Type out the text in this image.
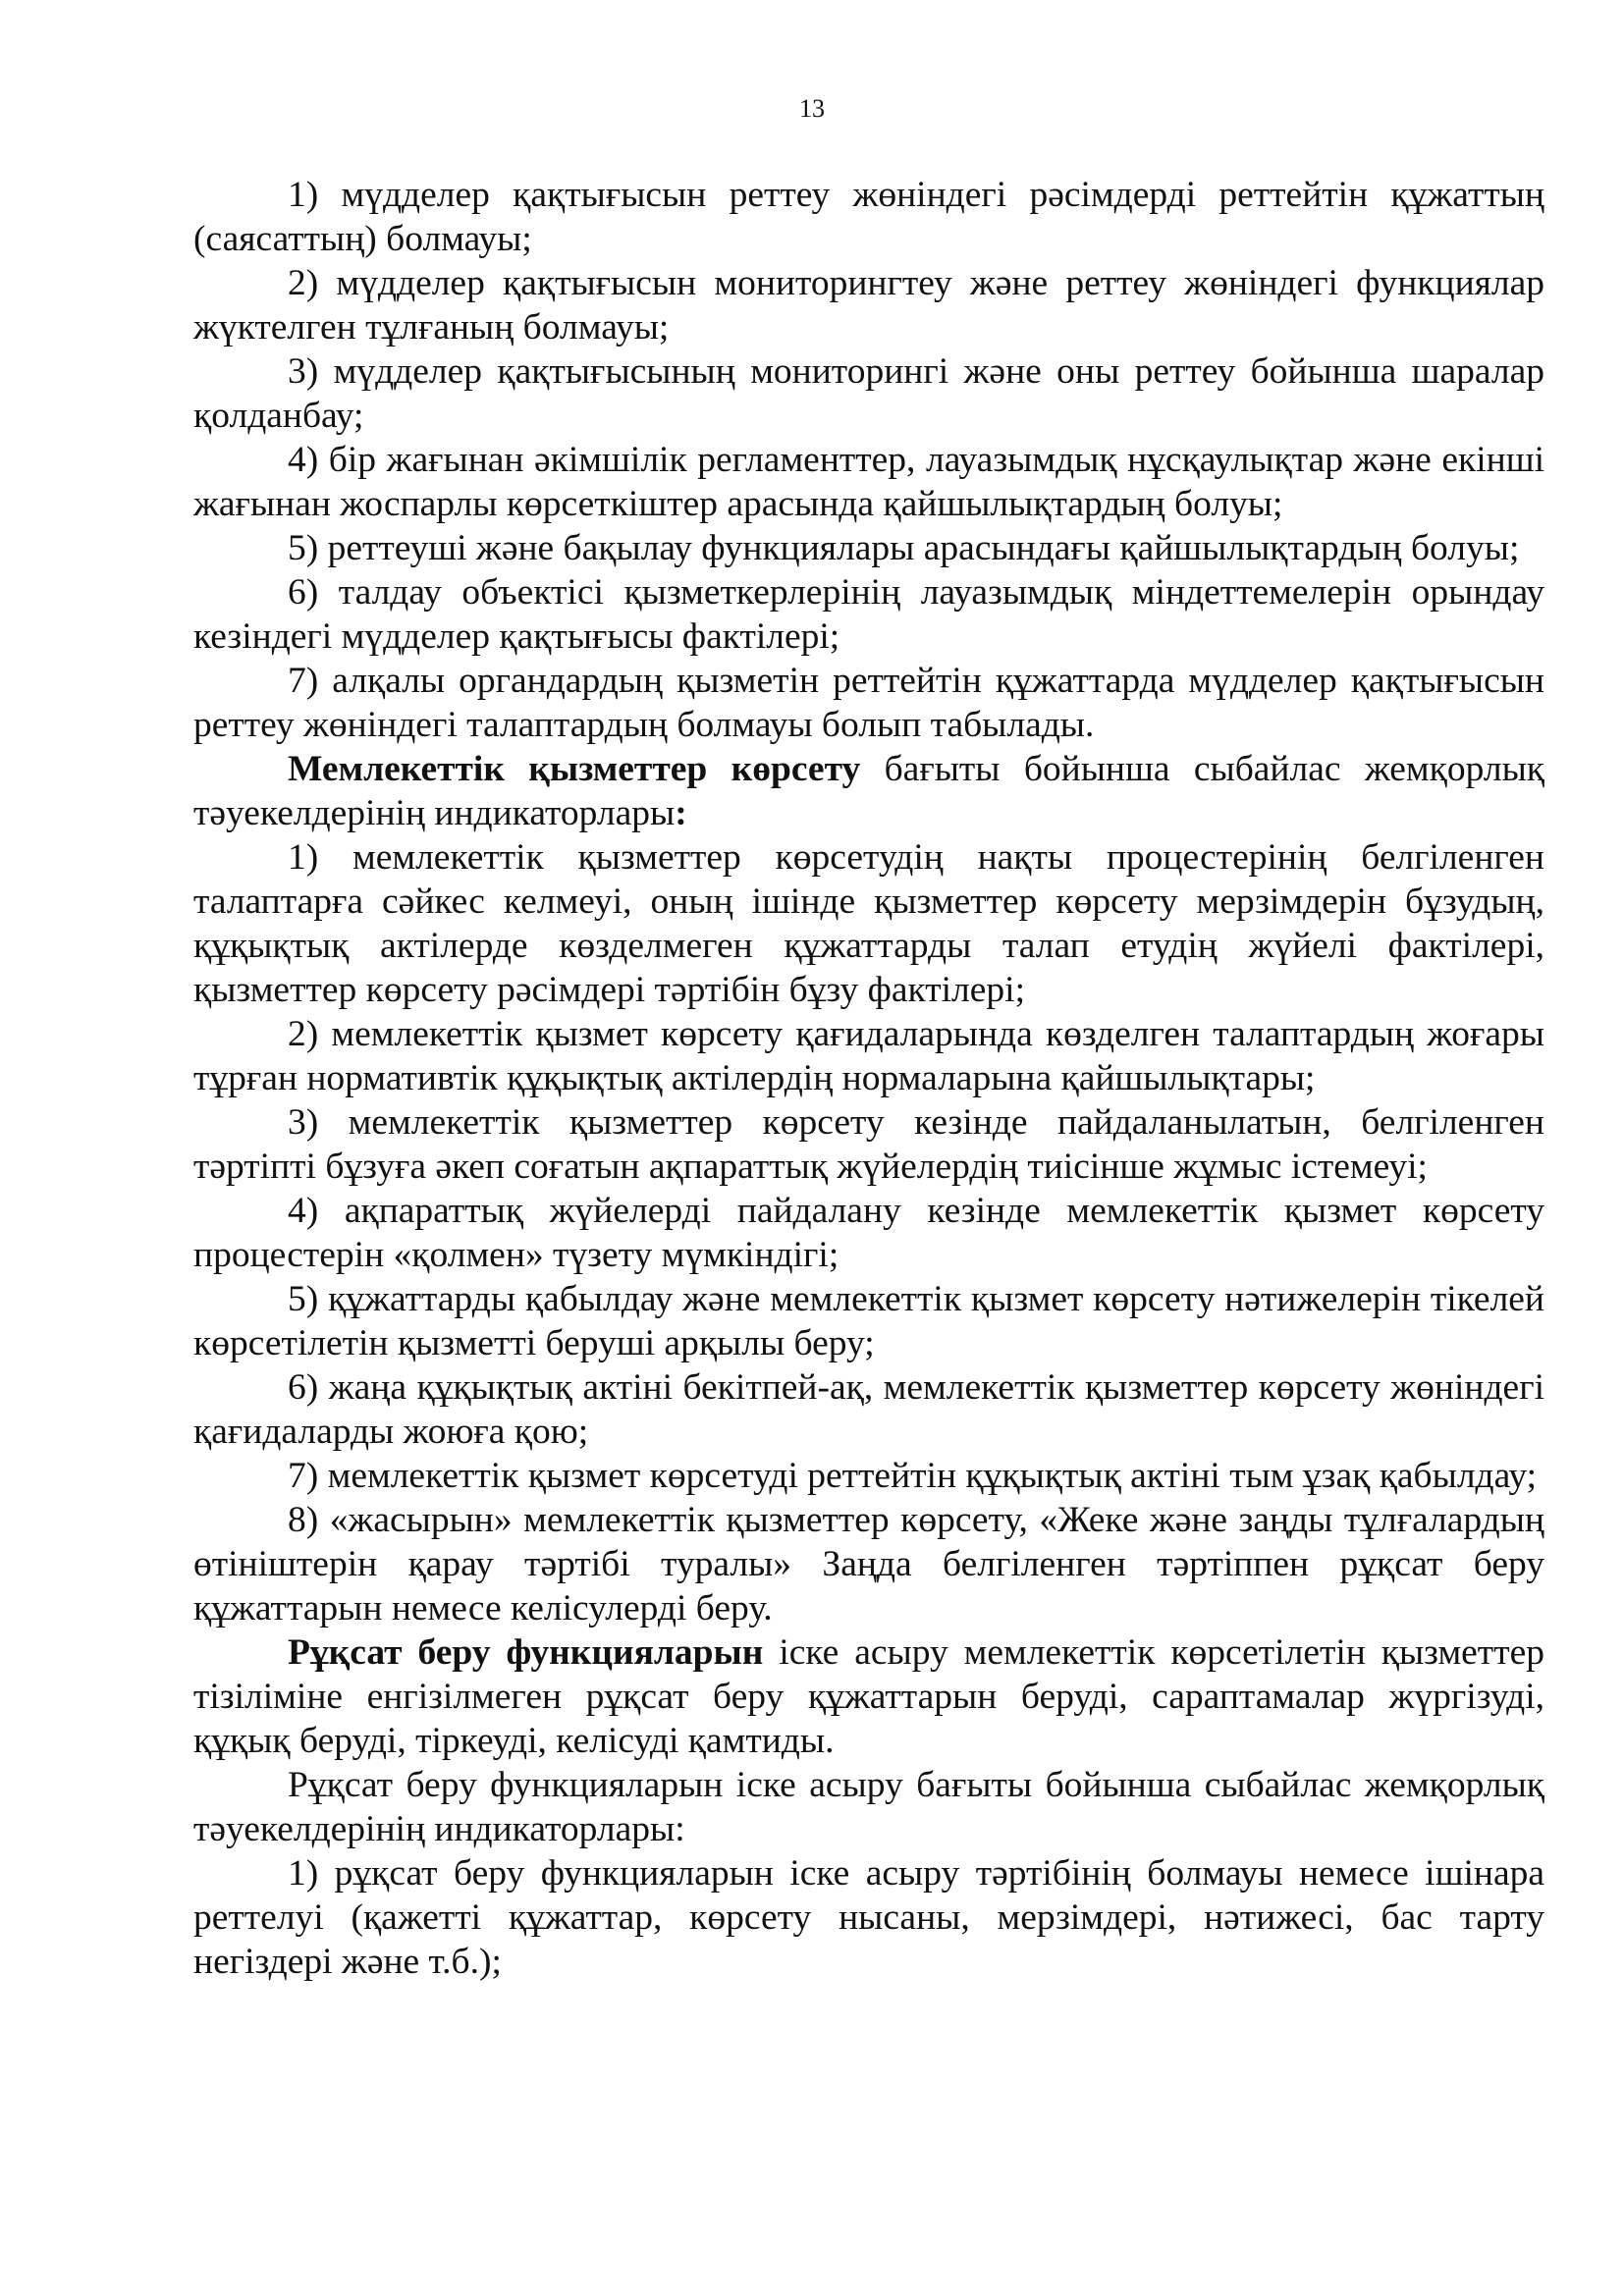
13

1) мүдделер қақтығысын реттеу жөніндегі рәсімдерді реттейтін құжаттың (саясаттың) болмауы;

2) мүдделер қақтығысын мониторингтеу және реттеу жөніндегі функциялар жүктелген тұлғаның болмауы;

3) мүдделер қақтығысының мониторингі және оны реттеу бойынша шаралар қолданбау;

4) бір жағынан әкімшілік регламенттер, лауазымдық нұсқаулықтар және екінші жағынан жоспарлы көрсеткіштер арасында қайшылықтардың болуы;

5) реттеуші және бақылау функциялары арасындағы қайшылықтардың болуы;

6) талдау объектісі қызметкерлерінің лауазымдық міндеттемелерін орындау кезіндегі мүдделер қақтығысы фактілері;

7) алқалы органдардың қызметін реттейтін құжаттарда мүдделер қақтығысын реттеу жөніндегі талаптардың болмауы болып табылады.

Мемлекеттік қызметтер көрсету бағыты бойынша сыбайлас жемқорлық тәуекелдерінің индикаторлары:

1) мемлекеттік қызметтер көрсетудің нақты процестерінің белгіленген талаптарға сәйкес келмеуі, оның ішінде қызметтер көрсету мерзімдерін бұзудың, құқықтық актілерде көзделмеген құжаттарды талап етудің жүйелі фактілері, қызметтер көрсету рәсімдері тәртібін бұзу фактілері;

2) мемлекеттік қызмет көрсету қағидаларында көзделген талаптардың жоғары тұрған нормативтік құқықтық актілердің нормаларына қайшылықтары;

3) мемлекеттік қызметтер көрсету кезінде пайдаланылатын, белгіленген тәртіпті бұзуға әкеп соғатын ақпараттық жүйелердің тиісінше жұмыс істемеуі;

4) ақпараттық жүйелерді пайдалану кезінде мемлекеттік қызмет көрсету процестерін «қолмен» түзету мүмкіндігі;

5) құжаттарды қабылдау және мемлекеттік қызмет көрсету нәтижелерін тікелей көрсетілетін қызметті беруші арқылы беру;

6) жаңа құқықтық актіні бекітпей-ақ, мемлекеттік қызметтер көрсету жөніндегі қағидаларды жоюға қою;

7) мемлекеттік қызмет көрсетуді реттейтін құқықтық актіні тым ұзақ қабылдау;

8) «жасырын» мемлекеттік қызметтер көрсету, «Жеке және заңды тұлғалардың өтініштерін қарау тәртібі туралы» Заңда белгіленген тәртіппен рұқсат беру құжаттарын немесе келісулерді беру.

Рұқсат беру функцияларын іске асыру мемлекеттік көрсетілетін қызметтер тізіліміне енгізілмеген рұқсат беру құжаттарын беруді, сараптамалар жүргізуді, құқық беруді, тіркеуді, келісуді қамтиды.

Рұқсат беру функцияларын іске асыру бағыты бойынша сыбайлас жемқорлық тәуекелдерінің индикаторлары:

1) рұқсат беру функцияларын іске асыру тәртібінің болмауы немесе ішінара реттелуі (қажетті құжаттар, көрсету нысаны, мерзімдері, нәтижесі, бас тарту негіздері және т.б.);
